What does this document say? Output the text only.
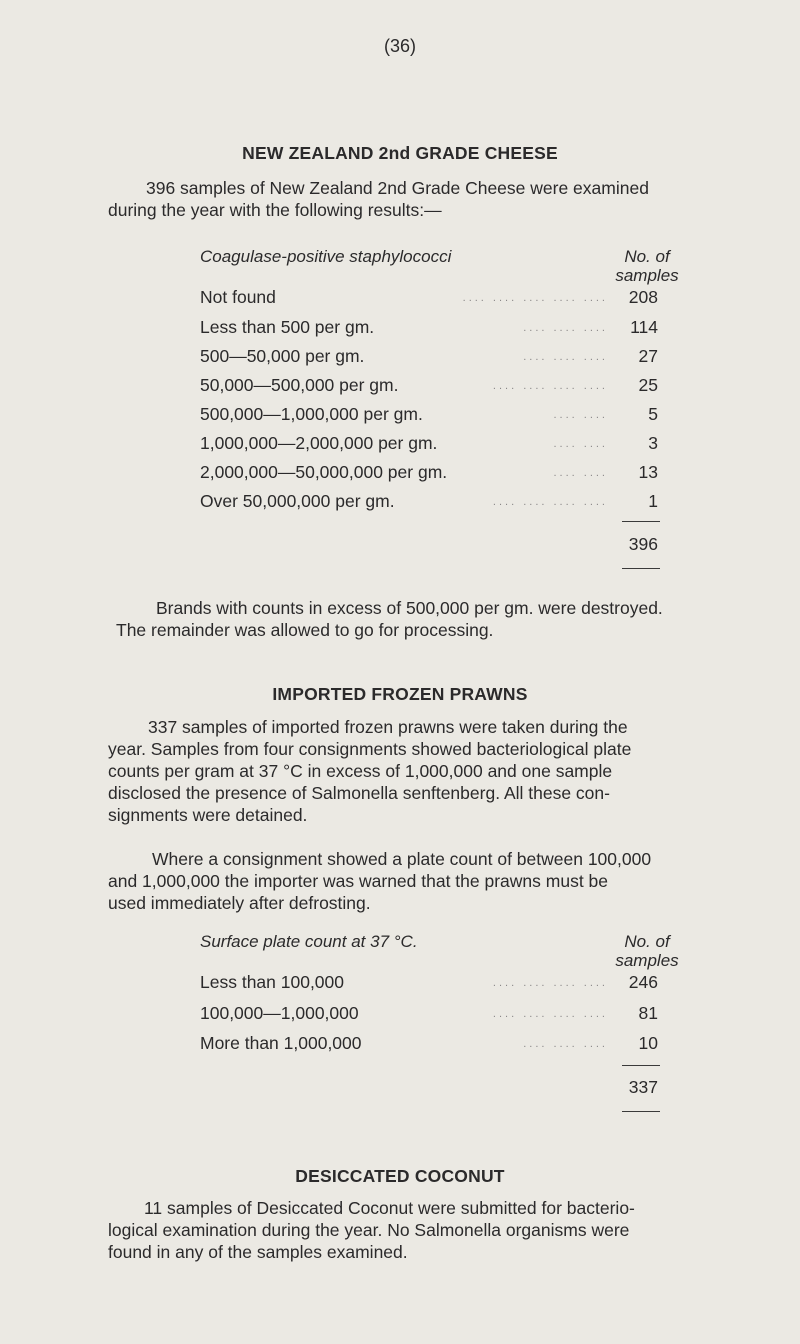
(36)
NEW ZEALAND 2nd GRADE CHEESE

396 samples of New Zealand 2nd Grade Cheese were examined

during the year with the following results:—

Coagulase-positive staphylococci	No. of
samples
Not found	.... .... .... .... ....	208
Less than 500 per gm.	.... .... ....	114
500—50,000 per gm.	.... .... ....	27
50,000—500,000 per gm.	.... .... .... ....	25
500,000—1,000,000 per gm.	.... ....	5
1,000,000—2,000,000 per gm.	.... ....	3
2,000,000—50,000,000 per gm.	.... ....	13
Over 50,000,000 per gm.	.... .... .... ....	1
396

Brands with counts in excess of 500,000 per gm. were destroyed.

The remainder was allowed to go for processing.

IMPORTED FROZEN PRAWNS

337 samples of imported frozen prawns were taken during the

year. Samples from four consignments showed bacteriological plate

counts per gram at 37 °C in excess of 1,000,000 and one sample

disclosed the presence of Salmonella senftenberg. All these con-

signments were detained.

Where a consignment showed a plate count of between 100,000

and 1,000,000 the importer was warned that the prawns must be

used immediately after defrosting.

Surface plate count at 37 °C.	No. of
samples
Less than 100,000	.... .... .... ....	246
100,000—1,000,000	.... .... .... ....	81
More than 1,000,000	.... .... ....	10
337
DESICCATED COCONUT

11 samples of Desiccated Coconut were submitted for bacterio-

logical examination during the year. No Salmonella organisms were

found in any of the samples examined.
